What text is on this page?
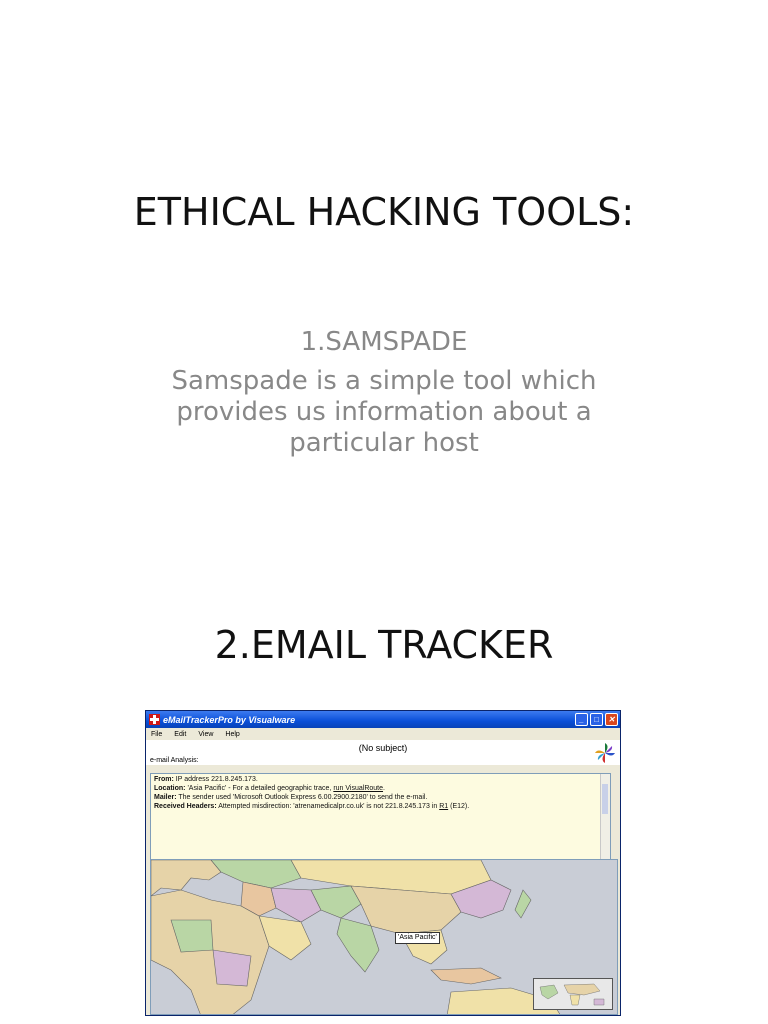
ETHICAL HACKING TOOLS:
1.SAMSPADE
Samspade is a simple tool which
provides us information about a
particular host
2.EMAIL TRACKER
eMailTrackerPro by Visualware	_ □ ✕
File Edit View Help
(No subject)
e-mail Analysis:
From: IP address 221.8.245.173.
Location: 'Asia Pacific' - For a detailed geographic trace, run VisualRoute.
Mailer: The sender used 'Microsoft Outlook Express 6.00.2900.2180' to send the e-mail.
Received Headers: Attempted misdirection: 'atrenamedicalpr.co.uk' is not 221.8.245.173 in R1 (E12).
'Asia Pacific'
